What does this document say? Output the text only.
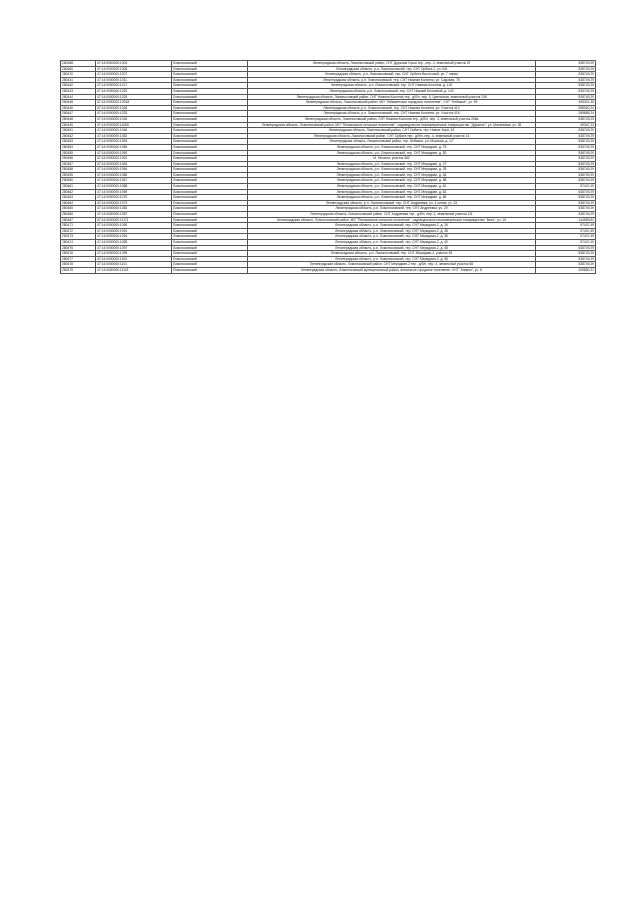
280468	47:14:0000000:1004	Ломоносовский	Ленинградская область, Ломоносовский район, СНТ Дружная Горка тер., пер. 4, земельный участок 67	538749,29
280469	47:14:0000000:1005	Ломоносовский	Ленинградская область, р-н. Ломоносовский, тер. СНТ Орбита-2, уч 108	538749,29
280470	47:14:0000000:1007	Ломоносовский	Ленинградская область, р-н. Ломоносовский, тер. СНТ Орбита Восточный, ул. 7 линия	538749,29
280441	47:14:0000000:1011	Ломоносовский	Ленинградская область, р-н. Ломоносовский, тер. СНТ Нижняя Колонна, ул. Садовая, 75	538749,29
280442	47:14:0000000:1017	Ломоносовский	Ленинградская область, р-н. Ломоносовский, тер. СНТ Нижняя Колонна, д. 130	538749,29
280443	47:14:0000000:1020	Ломоносовский	Ленинградская область, р-н. Ломоносовский, тер. СНТ Нижний Колонный, д. 140	538749,29
280444	47:14:0000000:1025	Ломоносовский	Ленинградская область, Ломоносовский район, СНТ Нижняя Колонна тер., д/б/н, пер. 6, Цветочная, земельный участок 108	538749,29
280445	47:14:0000000:10918	Ломоносовский	Ленинградская область, Ломоносовский район, МО "Лебяженское городское поселение", СНТ "Лебяжье", уч. 99	495401,35
280446	47:14:0000000:1026	Ломоносовский	Ленинградская область, р-н. Ломоносовский, тер. СНТ Нижняя Колонна, ул. Участок 410	258060,24
280447	47:14:0000000:1033	Ломоносовский	Ленинградская область, р-н. Ломоносовский, тер. СНТ Нижняя Колонна, ул. Участок 416	269885,24
280448	47:14:0000000:1034	Ломоносовский	Ленинградская область, Ломоносовский район, СНТ Нижняя Колонна тер., д/б/н, пер. 4, земельный участок 208а	538749,29
280449	47:14:0000000:11065	Ломоносовский	Ленинградская область, Ломоносовский район, МО "Пениковское сельское поселение", садоводческое некоммерческое товарищество "Дружное", ул. Малиновая, уч. 35	39347,23
280451	47:14:0000000:1046	Ломоносовский	Ленинградская область, Ломоносовский район, СНТ Орбита, тер. Новые Зори, 43	538749,29
280452	47:14:0000000:1052	Ломоносовский	Ленинградская область, Ломоносовский район, СНТ Орбита тер., д/б/н, пер. 4, земельный участок 14	538749,29
280453	47:14:0000000:1054	Ломоносовский	Ленинградская область, Ломоносовский район, тер. Лебяжье, ул. Морская, д. 1/7	538749,29
280454	47:14:0000000:1056	Ломоносовский	Ленинградская область, р-н. Ломоносовский, тер. СНТ Меридиан, д. 79	538749,29
280455	47:14:0000000:1060	Ломоносовский	Ленинградская область, р-н. Ломоносовский, тер. СНТ Меридиан, д. 82	538749,29
280456	47:14:0000000:1061	Ломоносовский	М. Гатчина, участок 362	538749,29
280457	47:14:0000000:1063	Ломоносовский	Ленинградская область, р-н. Ломоносовский, тер. СНТ Меридиан, д. 27	538749,29
280458	47:14:0000000:1064	Ломоносовский	Ленинградская область, р-н. Ломоносовский, тер. СНТ Меридиан, д. 29	538749,29
280459	47:14:0000000:1065	Ломоносовский	Ленинградская область, р-н. Ломоносовский, тер. СНТ Меридиан, д. 46	538749,29
280460	47:14:0000000:1067	Ломоносовский	Ленинградская область, р-н. Ломоносовский, тер. СНТ Меридиан, д. 58	538749,29
280461	47:14:0000000:1068	Ломоносовский	Ленинградская область, р-н. Ломоносовский, тер. СНТ Меридиан, д. 61	97437,49
280462	47:14:0000000:1069	Ломоносовский	Ленинградская область, р-н. Ломоносовский, тер. СНТ Меридиан, д. 63	538749,29
280463	47:14:0000000:1070	Ломоносовский	Ленинградская область, р-н. Ломоносовский, тер. СНТ Меридиан, д. 66	538749,29
280464	47:14:0000000:1073	Ломоносовский	Ленинградская область, р-н. Ломоносовский, тер. СНТ Андреевка, ул. 4 линия, уч. 23	538749,29
280465	47:14:0000000:1082	Ломоносовский	Ленинградская область, р-н. Ломоносовский, тер. СНТ Андреевка, уч. 29	538749,29
280466	47:14:0000000:1087	Ломоносовский	Ленинградская область, Ломоносовский район, СНТ Андреевка тер., д/б/н, пер. 4, земельный участок 111	538749,29
280467	47:14:0000000:11171	Ломоносовский	Ленинградская область, Ломоносовский район, МО "Пениковское сельское поселение", садоводческое некоммерческое товарищество "Вита", уч. 1б	144589,62
280471	47:14:0000000:1090	Ломоносовский	Ленинградская область, р-н. Ломоносовский, тер. СНТ Меридиан-2, д. 26	97437,49
280472	47:14:0000000:1091	Ломоносовский	Ленинградская область, р-н. Ломоносовский, тер. СНТ Меридиан-2, д. 35	97437,49
280473	47:14:0000000:1094	Ломоносовский	Ленинградская область, р-н. Ломоносовский, тер. СНТ Меридиан-2, д. 36	97437,49
280474	47:14:0000000:1095	Ломоносовский	Ленинградская область, р-н. Ломоносовский, тер. СНТ Меридиан-2, д. 40	97437,49
280475	47:14:0000000:1097	Ломоносовский	Ленинградская область, р-н. Ломоносовский, тер. СНТ Меридиан-2, д. 48	538749,29
280476	47:14:0000000:1099	Ломоносовский	Ленинградская область, р-н. Ломоносовский, тер. СНТ Меридиан-2, участок 49	538749,29
280477	47:14:0000000:1100	Ломоносовский	Ленинградская область, р-н. Ломоносовский, тер. СНТ Меридиан-2, д. 56	538749,29
280478	47:14:0000000:1101	Ломоносовский	Ленинградская область, Ломоносовский район, СНТ Меридиан-2 тер., д/б/н, пер. 4, земельный участок 58	538749,29
280479	47:14:0000000:11118	Ломоносовский	Ленинградская область, Ломоносовский муниципальный район, Аннинское городское поселение, СНТ "Аннино", уч. 6	259880,31
